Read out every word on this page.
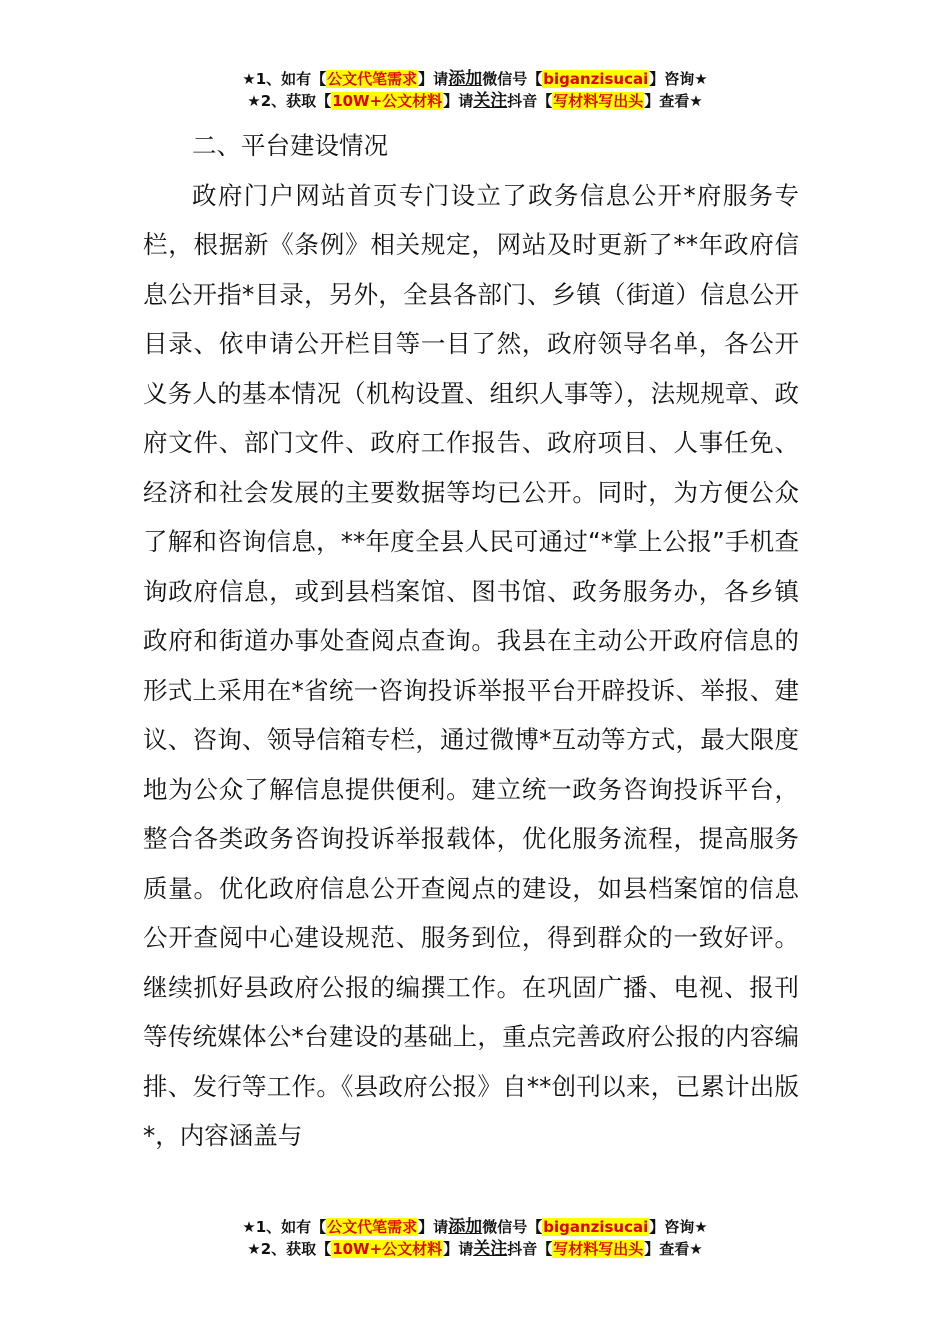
★1、如有【公文代笔需求】请添加微信号【biganzisucai】咨询★
★2、获取【10W+公文材料】请关注抖音【写材料写出头】查看★

二、平台建设情况

政府门户网站首页专门设立了政务信息公开*府服务专栏，根据新《条例》相关规定，网站及时更新了**年政府信息公开指*目录，另外，全县各部门、乡镇（街道）信息公开目录、依申请公开栏目等一目了然，政府领导名单，各公开义务人的基本情况（机构设置、组织人事等），法规规章、政府文件、部门文件、政府工作报告、政府项目、人事任免、经济和社会发展的主要数据等均已公开。同时，为方便公众了解和咨询信息，**年度全县人民可通过“*掌上公报”手机查询政府信息，或到县档案馆、图书馆、政务服务办，各乡镇政府和街道办事处查阅点查询。我县在主动公开政府信息的形式上采用在*省统一咨询投诉举报平台开辟投诉、举报、建议、咨询、领导信箱专栏，通过微博*互动等方式，最大限度地为公众了解信息提供便利。建立统一政务咨询投诉平台，整合各类政务咨询投诉举报载体，优化服务流程，提高服务质量。优化政府信息公开查阅点的建设，如县档案馆的信息公开查阅中心建设规范、服务到位，得到群众的一致好评。继续抓好县政府公报的编撰工作。在巩固广播、电视、报刊等传统媒体公*台建设的基础上，重点完善政府公报的内容编排、发行等工作。《县政府公报》自**创刊以来，已累计出版*，内容涵盖与

★1、如有【公文代笔需求】请添加微信号【biganzisucai】咨询★
★2、获取【10W+公文材料】请关注抖音【写材料写出头】查看★
